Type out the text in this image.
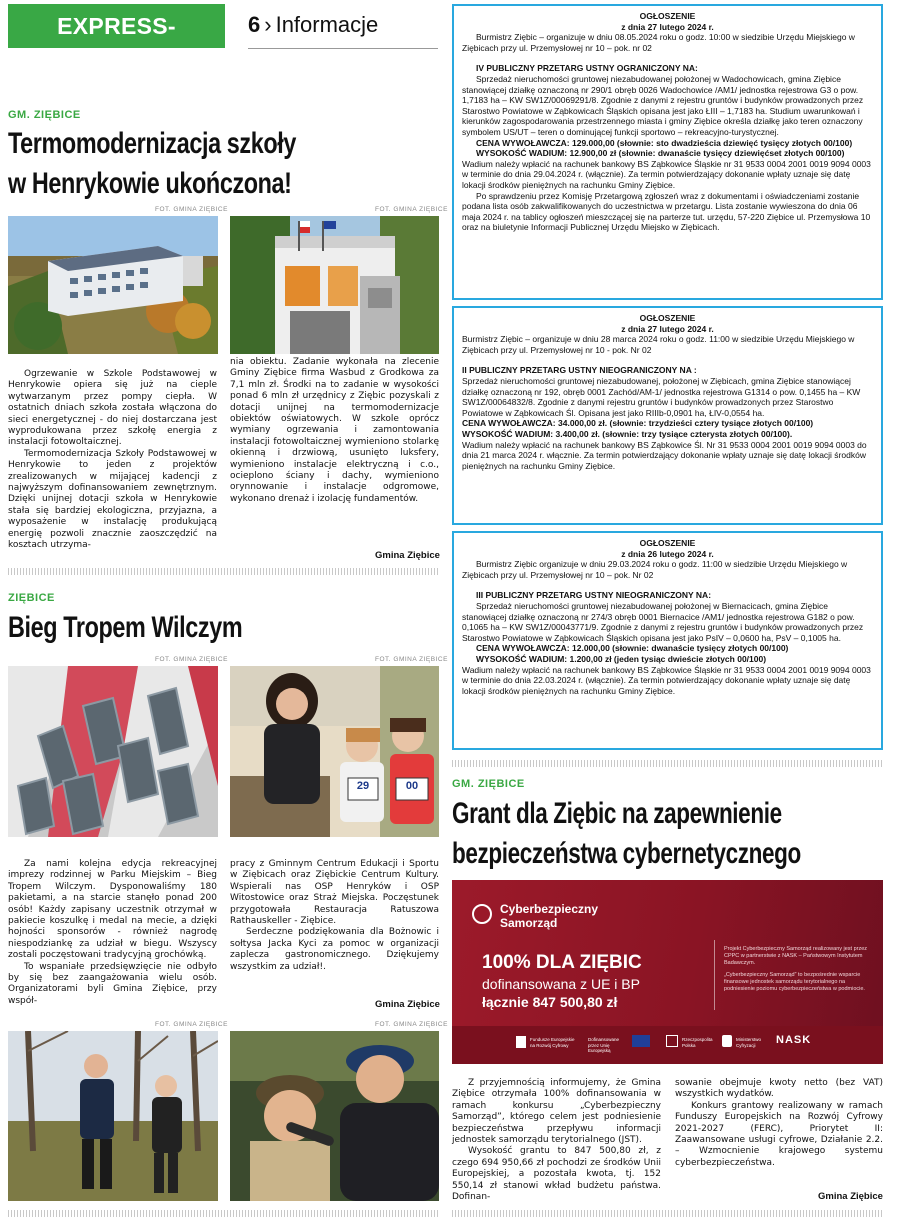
EXPRESS-MIEJSKI.PL
6 › Informacje
GM. ZIĘBICE
Termomodernizacja szkoły
w Henrykowie ukończona!
FOT. GMINA ZIĘBICE	FOT. GMINA ZIĘBICE

Ogrzewanie w Szkole Podstawowej w Henrykowie opiera się już na cieple wytwarzanym przez pompy ciepła. W ostatnich dniach szkoła została włączona do sieci energetycznej - do niej dostarczana jest wyprodukowana przez szkołę energia z instalacji fotowoltaicznej.

Termomodernizacja Szkoły Podstawowej w Henrykowie to jeden z projektów zrealizowanych w mijającej kadencji z najwyższym dofinansowaniem zewnętrznym. Dzięki unijnej dotacji szkoła w Henrykowie stała się bardziej ekologiczna, przyjazna, a wyposażenie w instalację produkującą energię pozwoli znacznie zaoszczędzić na kosztach utrzyma-

nia obiektu. Zadanie wykonała na zlecenie Gminy Ziębice firma Wasbud z Grodkowa za 7,1 mln zł. Środki na to zadanie w wysokości ponad 6 mln zł urzędnicy z Ziębic pozyskali z dotacji unijnej na termomodernizacje obiektów oświatowych. W szkole oprócz wymiany ogrzewania i zamontowania instalacji fotowoltaicznej wymieniono stolarkę okienną i drzwiową, usunięto luksfery, wymieniono instalacje elektryczną i c.o., ocieplono ściany i dachy, wymieniono orynnowanie i instalacje odgromowe, wykonano drenaż i izolację fundamentów.

Gmina Ziębice
ZIĘBICE
Bieg Tropem Wilczym
FOT. GMINA ZIĘBICE	FOT. GMINA ZIĘBICE
29	00

Za nami kolejna edycja rekreacyjnej imprezy rodzinnej w Parku Miejskim – Bieg Tropem Wilczym. Dysponowaliśmy 180 pakietami, a na starcie stanęło ponad 200 osób! Każdy zapisany uczestnik otrzymał w pakiecie koszulkę i medal na mecie, a dzięki hojności sponsorów - również nagrodę niespodziankę za udział w biegu. Wszyscy zostali poczęstowani tradycyjną grochówką.

To wspaniałe przedsięwzięcie nie odbyło by się bez zaangażowania wielu osób. Organizatorami byli Gmina Ziębice, przy współ-

pracy z Gminnym Centrum Edukacji i Sportu w Ziębicach oraz Ziębickie Centrum Kultury. Wspierali nas OSP Henryków i OSP Witostowice oraz Straż Miejska. Poczęstunek przygotowała Restauracja Ratuszowa Rathauskeller - Ziębice.

Serdeczne podziękowania dla Bożnowic i sołtysa Jacka Kyci za pomoc w organizacji zaplecza gastronomicznego. Dziękujemy wszystkim za udział!.

Gmina Ziębice
FOT. GMINA ZIĘBICE	FOT. GMINA ZIĘBICE
OGŁOSZENIE
z dnia 27 lutego 2024 r.

Burmistrz Ziębic – organizuje w dniu 08.05.2024 roku o godz. 10:00 w siedzibie Urzędu Miejskiego w Ziębicach przy ul. Przemysłowej nr 10 – pok. nr 02

IV PUBLICZNY PRZETARG USTNY OGRANICZONY NA:

Sprzedaż nieruchomości gruntowej niezabudowanej położonej w Wadochowicach, gmina Ziębice stanowiącej działkę oznaczoną nr 290/1 obręb 0026 Wadochowice /AM1/ jednostka rejestrowa G3 o pow. 1,7183 ha – KW SW1Z/00069291/8. Zgodnie z danymi z rejestru gruntów i budynków prowadzonych przez Starostwo Powiatowe w Ząbkowicach Śląskich opisana jest jako ŁIII – 1,7183 ha. Studium uwarunkowań i kierunków zagospodarowania przestrzennego miasta i gminy Ziębice określa działkę jako teren oznaczony symbolem US/UT – teren o dominującej funkcji sportowo – rekreacyjno-turystycznej.

CENA WYWOŁAWCZA: 129.000,00 (słownie: sto dwadzieścia dziewięć tysięcy złotych 00/100)

WYSOKOŚĆ WADIUM: 12.900,00 zł (słownie: dwanaście tysięcy dziewięćset złotych 00/100)

Wadium należy wpłacić na rachunek bankowy BS Ząbkowice Śląskie nr 31 9533 0004 2001 0019 9094 0003 w terminie do dnia 29.04.2024 r. (włącznie). Za termin potwierdzający dokonanie wpłaty uznaje się datę lokacji środków pieniężnych na rachunku Gminy Ziębice.

Po sprawdzeniu przez Komisję Przetargową zgłoszeń wraz z dokumentami i oświadczeniami zostanie podana lista osób zakwalifikowanych do uczestnictwa w przetargu. Lista zostanie wywieszona do dnia 06 maja 2024 r. na tablicy ogłoszeń mieszczącej się na parterze tut. urzędu, 57-220 Ziębice ul. Przemysłowa 10 oraz na biuletynie Informacji Publicznej Urzędu Miejsko w Ziębicach.

OGŁOSZENIE
z dnia 27 lutego 2024 r.

Burmistrz Ziębic – organizuje w dniu 28 marca 2024 roku o godz. 11:00 w siedzibie Urzędu Miejskiego w Ziębicach przy ul. Przemysłowej nr 10 - pok. Nr 02

II PUBLICZNY PRZETARG USTNY NIEOGRANICZONY NA :

Sprzedaż nieruchomości gruntowej niezabudowanej, położonej w Ziębicach, gmina Ziębice stanowiącej działkę oznaczoną nr 192, obręb 0001 Zachód/AM-1/ jednostka rejestrowa G1314 o pow. 0,1455 ha – KW SW1Z/00064832/8. Zgodnie z danymi rejestru gruntów i budynków prowadzonych przez Starostwo Powiatowe w Ząbkowicach Śl. Opisana jest jako RIIIb-0,0901 ha, ŁIV-0,0554 ha.

CENA WYWOŁAWCZA: 34.000,00 zł. (słownie: trzydzieści cztery tysiące złotych 00/100)

WYSOKOŚĆ WADIUM: 3.400,00 zł. (słownie: trzy tysiące czterysta złotych 00/100).

Wadium należy wpłacić na rachunek bankowy BS Ząbkowice Śl. Nr 31 9533 0004 2001 0019 9094 0003 do dnia 21 marca 2024 r. włącznie. Za termin potwierdzający dokonanie wpłaty uznaje się datę lokacji środków pieniężnych na rachunku Gminy Ziębice.

OGŁOSZENIE
z dnia 26 lutego 2024 r.

Burmistrz Ziębic organizuje w dniu 29.03.2024 roku o godz. 11:00 w siedzibie Urzędu Miejskiego w Ziębicach przy ul. Przemysłowej nr 10 – pok. Nr 02

III PUBLICZNY PRZETARG USTNY NIEOGRANICZONY NA:

Sprzedaż nieruchomości gruntowej niezabudowanej położonej w Biernacicach, gmina Ziębice stanowiącej działkę oznaczoną nr 274/3 obręb 0001 Biernacice /AM1/ jednostka rejestrowa G182 o pow. 0,1065 ha – KW SW1Z/00043771/9. Zgodnie z danymi z rejestru gruntów i budynków prowadzonych przez Starostwo Powiatowe w Ząbkowicach Śląskich opisana jest jako PsIV – 0,0600 ha, PsV – 0,1005 ha.

CENA WYWOŁAWCZA: 12.000,00 (słownie: dwanaście tysięcy złotych 00/100)

WYSOKOŚĆ WADIUM: 1.200,00 zł (jeden tysiąc dwieście złotych 00/100)

Wadium należy wpłacić na rachunek bankowy BS Ząbkowice Śląskie nr 31 9533 0004 2001 0019 9094 0003 w terminie do dnia 22.03.2024 r. (włącznie). Za termin potwierdzający dokonanie wpłaty uznaje się datę lokacji środków pieniężnych na rachunku Gminy Ziębice.

GM. ZIĘBICE
Grant dla Ziębic na zapewnienie
bezpieczeństwa cybernetycznego
Cyberbezpieczny
Samorząd
100% DLA ZIĘBIC
dofinansowana z UE i BP
łącznie 847 500,80 zł
Projekt Cyberbezpieczny Samorząd realizowany jest przez CPPC w partnerstwie z NASK – Państwowym Instytutem Badawczym.
„Cyberbezpieczny Samorząd” to bezpośrednie wsparcie finansowe jednostek samorządu terytorialnego na podniesienie poziomu cyberbezpieczeństwa w podmiocie.
Fundusze Europejskie na Rozwój Cyfrowy
Dofinansowane przez Unię Europejską
Rzeczpospolita Polska
Ministerstwo Cyfryzacji	NASK

Z przyjemnością informujemy, że Gmina Ziębice otrzymała 100% dofinansowania w ramach konkursu „Cyberbezpieczny Samorząd”, którego celem jest podniesienie bezpieczeństwa przepływu informacji jednostek samorządu terytorialnego (JST).

Wysokość grantu to 847 500,80 zł, z czego 694 950,66 zł pochodzi ze środków Unii Europejskiej, a pozostała kwota, tj. 152 550,14 zł stanowi wkład budżetu państwa. Dofinan-

sowanie obejmuje kwoty netto (bez VAT) wszystkich wydatków.

Konkurs grantowy realizowany w ramach Funduszy Europejskich na Rozwój Cyfrowy 2021-2027 (FERC), Priorytet II: Zaawansowane usługi cyfrowe, Działanie 2.2. – Wzmocnienie krajowego systemu cyberbezpieczeństwa.

Gmina Ziębice
